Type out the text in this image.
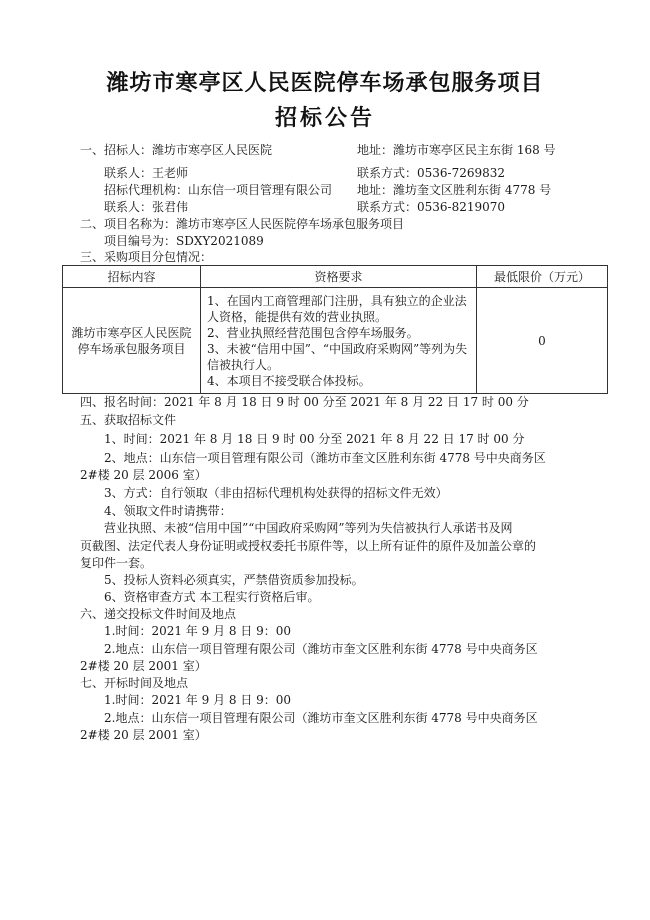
潍坊市寒亭区人民医院停车场承包服务项目
招标公告
一、招标人：潍坊市寒亭区人民医院	地址：潍坊市寒亭区民主东街 168 号
联系人：王老师	联系方式：0536-7269832
招标代理机构：山东信一项目管理有限公司 地址：潍坊奎文区胜利东街 4778 号
联系人：张君伟	联系方式：0536-8219070
二、项目名称为：潍坊市寒亭区人民医院停车场承包服务项目
项目编号为：SDXY2021089
三、采购项目分包情况：
招标内容	资格要求	最低限价（万元）

潍坊市寒亭区人民医院
停车场承包服务项目	1、在国内工商管理部门注册，具有独立的企业法人资格，能提供有效的营业执照。
2、营业执照经营范围包含停车场服务。
3、未被“信用中国”、“中国政府采购网”等列为失信被执行人。
4、本项目不接受联合体投标。	0
四、报名时间：2021 年 8 月 18 日 9 时 00 分至 2021 年 8 月 22 日 17 时 00 分
五、获取招标文件
1、时间：2021 年 8 月 18 日 9 时 00 分至 2021 年 8 月 22 日 17 时 00 分
2、地点：山东信一项目管理有限公司（潍坊市奎文区胜利东街 4778 号中央商务区
2#楼 20 层 2006 室）
3、方式：自行领取（非由招标代理机构处获得的招标文件无效）
4、领取文件时请携带：
营业执照、未被“信用中国”“中国政府采购网”等列为失信被执行人承诺书及网
页截图、法定代表人身份证明或授权委托书原件等，以上所有证件的原件及加盖公章的
复印件一套。
5、投标人资料必须真实，严禁借资质参加投标。
6、资格审查方式 本工程实行资格后审。
六、递交投标文件时间及地点
1.时间：2021 年 9 月 8 日 9：00
2.地点：山东信一项目管理有限公司（潍坊市奎文区胜利东街 4778 号中央商务区
2#楼 20 层 2001 室）
七、开标时间及地点
1.时间：2021 年 9 月 8 日 9：00
2.地点：山东信一项目管理有限公司（潍坊市奎文区胜利东街 4778 号中央商务区
2#楼 20 层 2001 室）
